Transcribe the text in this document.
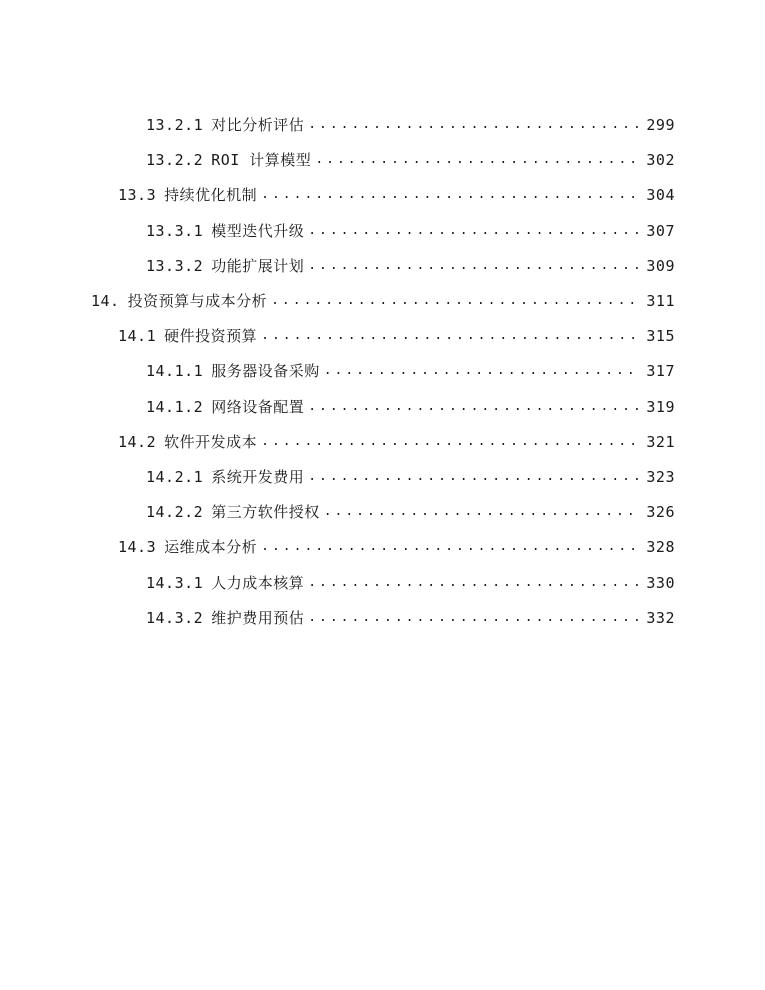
13.2.1 对比分析评估 .....	299
13.2.2 ROI 计算模型 .....	302
13.3 持续优化机制 .....	304
13.3.1 模型迭代升级 .....	307
13.3.2 功能扩展计划 .....	309
14. 投资预算与成本分析 .....	311
14.1 硬件投资预算 .....	315
14.1.1 服务器设备采购 .....	317
14.1.2 网络设备配置 .....	319
14.2 软件开发成本 .....	321
14.2.1 系统开发费用 .....	323
14.2.2 第三方软件授权 .....	326
14.3 运维成本分析 .....	328
14.3.1 人力成本核算 .....	330
14.3.2 维护费用预估 .....	332
